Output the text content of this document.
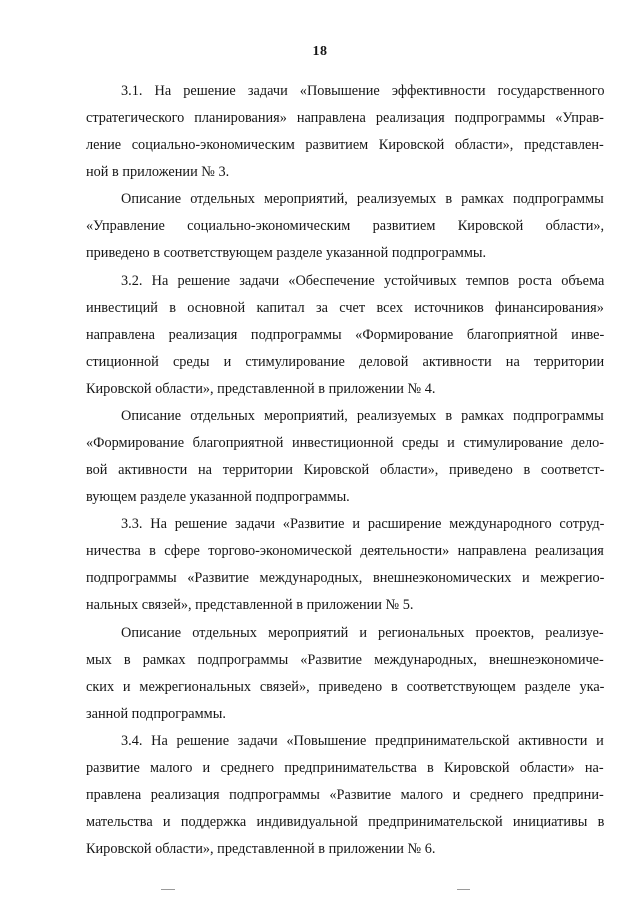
18
3.1. На решение задачи «Повышение эффективности государственного
стратегического планирования» направлена реализация подпрограммы «Управ-
ление социально-экономическим развитием Кировской области», представлен-
ной в приложении № 3.
Описание отдельных мероприятий, реализуемых в рамках подпрограммы
«Управление социально-экономическим развитием Кировской области»,
приведено в соответствующем разделе указанной подпрограммы.
3.2. На решение задачи «Обеспечение устойчивых темпов роста объема
инвестиций в основной капитал за счет всех источников финансирования»
направлена реализация подпрограммы «Формирование благоприятной инве-
стиционной среды и стимулирование деловой активности на территории
Кировской области», представленной в приложении № 4.
Описание отдельных мероприятий, реализуемых в рамках подпрограммы
«Формирование благоприятной инвестиционной среды и стимулирование дело-
вой активности на территории Кировской области», приведено в соответст-
вующем разделе указанной подпрограммы.
3.3. На решение задачи «Развитие и расширение международного сотруд-
ничества в сфере торгово-экономической деятельности» направлена реализация
подпрограммы «Развитие международных, внешнеэкономических и межрегио-
нальных связей», представленной в приложении № 5.
Описание отдельных мероприятий и региональных проектов, реализуе-
мых в рамках подпрограммы «Развитие международных, внешнеэкономиче-
ских и межрегиональных связей», приведено в соответствующем разделе ука-
занной подпрограммы.
3.4. На решение задачи «Повышение предпринимательской активности и
развитие малого и среднего предпринимательства в Кировской области» на-
правлена реализация подпрограммы «Развитие малого и среднего предприни-
мательства и поддержка индивидуальной предпринимательской инициативы в
Кировской области», представленной в приложении № 6.
